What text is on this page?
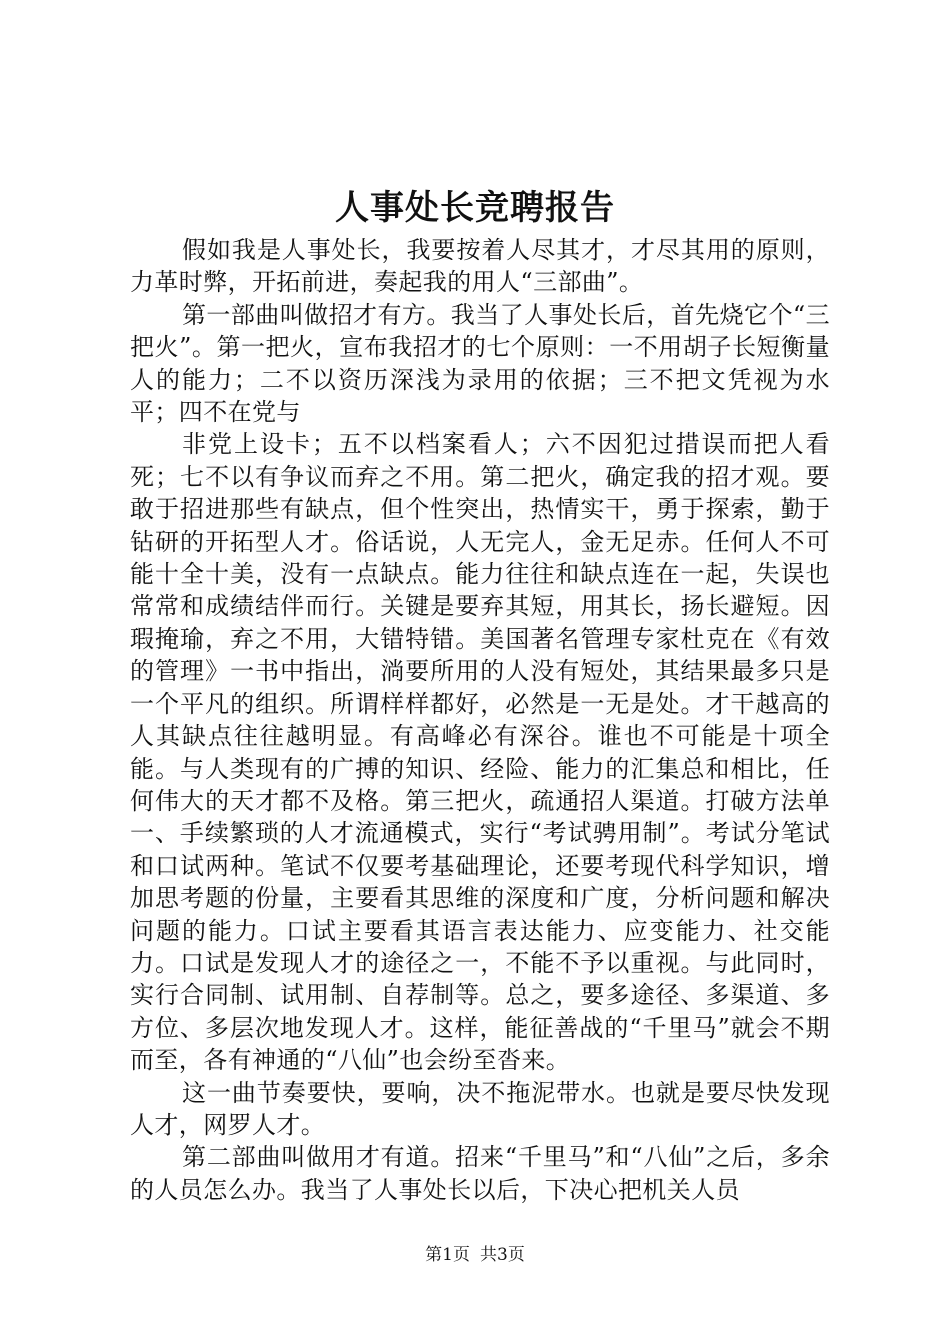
人事处长竞聘报告

假如我是人事处长，我要按着人尽其才，才尽其用的原则，力革时弊，开拓前进，奏起我的用人“三部曲”。

第一部曲叫做招才有方。我当了人事处长后，首先烧它个“三把火”。第一把火，宣布我招才的七个原则：一不用胡子长短衡量人的能力；二不以资历深浅为录用的依据；三不把文凭视为水平；四不在党与

非党上设卡；五不以档案看人；六不因犯过措误而把人看死；七不以有争议而弃之不用。第二把火，确定我的招才观。要敢于招进那些有缺点，但个性突出，热情实干，勇于探索，勤于钻研的开拓型人才。俗话说，人无完人，金无足赤。任何人不可能十全十美，没有一点缺点。能力往往和缺点连在一起，失误也常常和成绩结伴而行。关键是要弃其短，用其长，扬长避短。因瑕掩瑜，弃之不用，大错特错。美国著名管理专家杜克在《有效的管理》一书中指出，淌要所用的人没有短处，其结果最多只是一个平凡的组织。所谓样样都好，必然是一无是处。才干越高的人其缺点往往越明显。有高峰必有深谷。谁也不可能是十项全能。与人类现有的广搏的知识、经险、能力的汇集总和相比，任何伟大的天才都不及格。第三把火，疏通招人渠道。打破方法单一、手续繁琐的人才流通模式，实行“考试骋用制”。考试分笔试和口试两种。笔试不仅要考基础理论，还要考现代科学知识，增加思考题的份量，主要看其思维的深度和广度，分析问题和解决问题的能力。口试主要看其语言表达能力、应变能力、社交能力。口试是发现人才的途径之一，不能不予以重视。与此同时，实行合同制、试用制、自荐制等。总之，要多途径、多渠道、多方位、多层次地发现人才。这样，能征善战的“千里马”就会不期而至，各有神通的“八仙”也会纷至沓来。

这一曲节奏要快，要响，决不拖泥带水。也就是要尽快发现人才，网罗人才。

第二部曲叫做用才有道。招来“千里马”和“八仙”之后，多余的人员怎么办。我当了人事处长以后，下决心把机关人员

第1页 共3页
